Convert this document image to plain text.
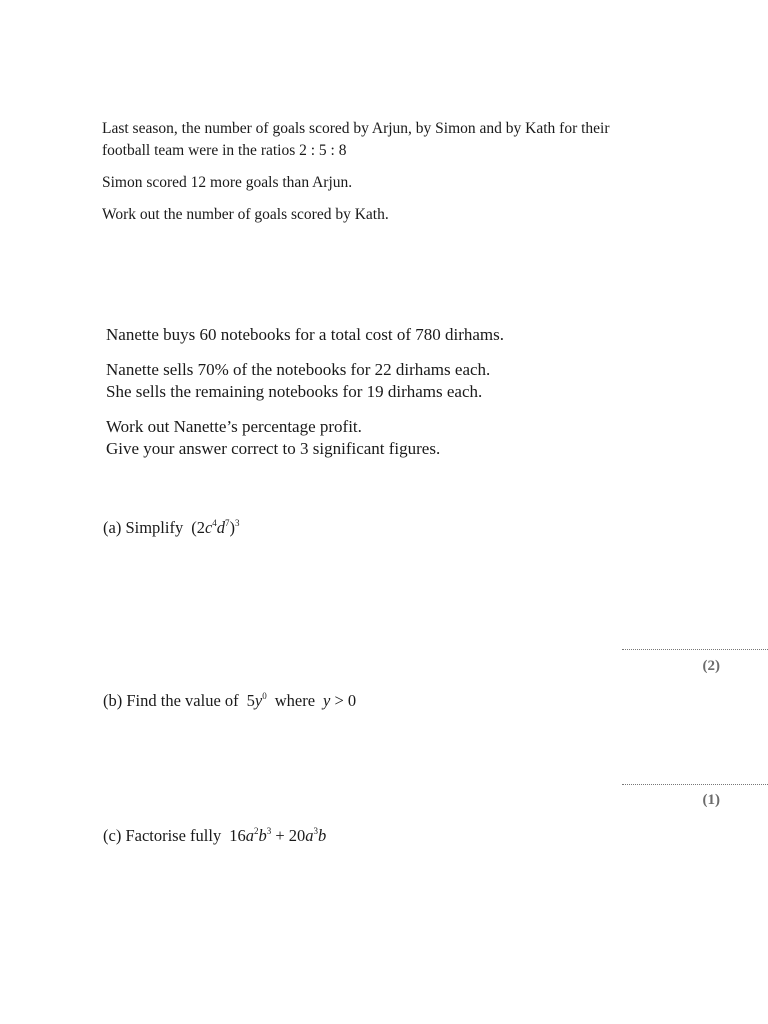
Last season, the number of goals scored by Arjun, by Simon and by Kath for their
football team were in the ratios 2 : 5 : 8
Simon scored 12 more goals than Arjun.
Work out the number of goals scored by Kath.
Nanette buys 60 notebooks for a total cost of 780 dirhams.
Nanette sells 70% of the notebooks for 22 dirhams each.
She sells the remaining notebooks for 19 dirhams each.
Work out Nanette’s percentage profit.
Give your answer correct to 3 significant figures.
(a) Simplify $(2c^4d^7)^3$
(2)
(b) Find the value of $5y^0$ where y > 0
(1)
(c) Factorise fully $16a^2b^3 + 20a^3b$
